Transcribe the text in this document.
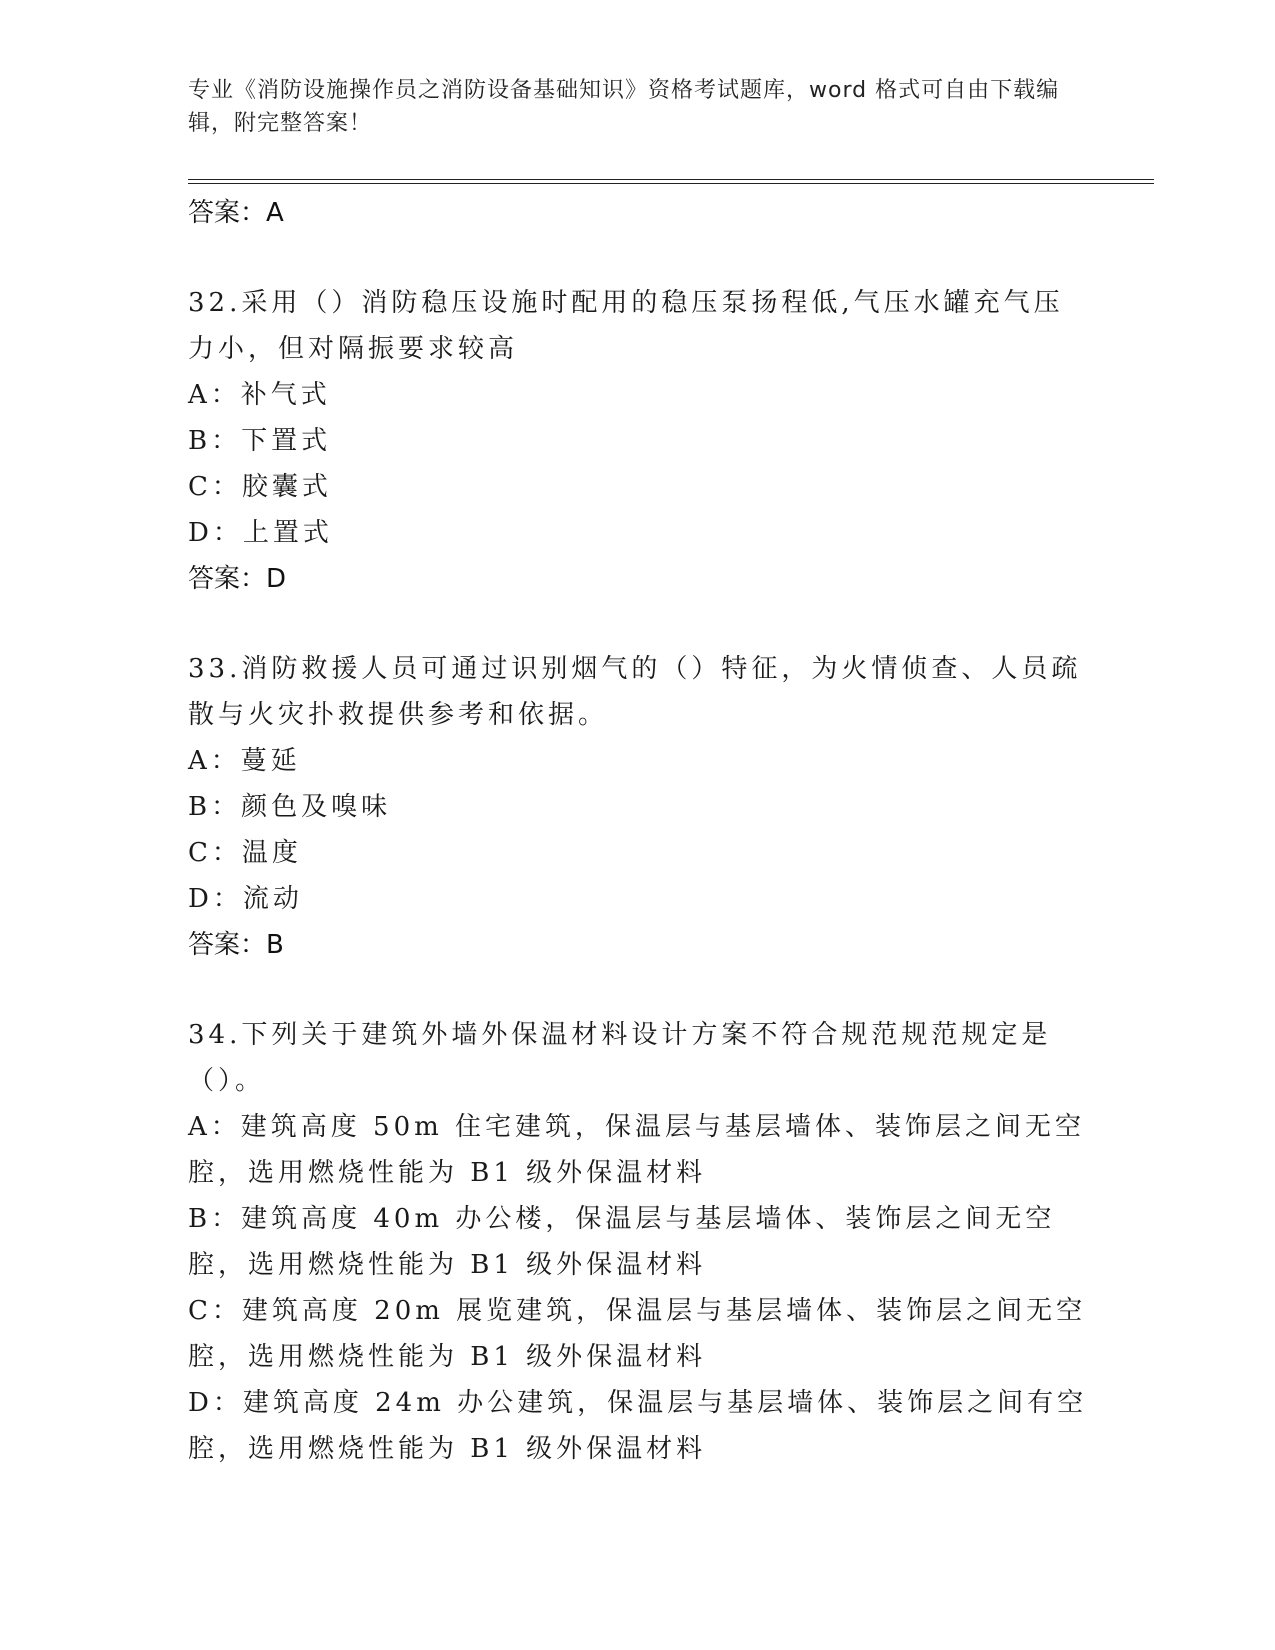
专业《消防设施操作员之消防设备基础知识》资格考试题库，word 格式可自由下载编辑，附完整答案！
答案：A
32.采用（）消防稳压设施时配用的稳压泵扬程低,气压水罐充气压力小，但对隔振要求较高
A：补气式
B：下置式
C：胶囊式
D：上置式
答案：D
33.消防救援人员可通过识别烟气的（）特征，为火情侦查、人员疏散与火灾扑救提供参考和依据。
A：蔓延
B：颜色及嗅味
C：温度
D：流动
答案：B
34.下列关于建筑外墙外保温材料设计方案不符合规范规范规定是（）。
A：建筑高度 50m 住宅建筑，保温层与基层墙体、装饰层之间无空腔，选用燃烧性能为 B1 级外保温材料
B：建筑高度 40m 办公楼，保温层与基层墙体、装饰层之间无空腔，选用燃烧性能为 B1 级外保温材料
C：建筑高度 20m 展览建筑，保温层与基层墙体、装饰层之间无空腔，选用燃烧性能为 B1 级外保温材料
D：建筑高度 24m 办公建筑，保温层与基层墙体、装饰层之间有空腔，选用燃烧性能为 B1 级外保温材料
